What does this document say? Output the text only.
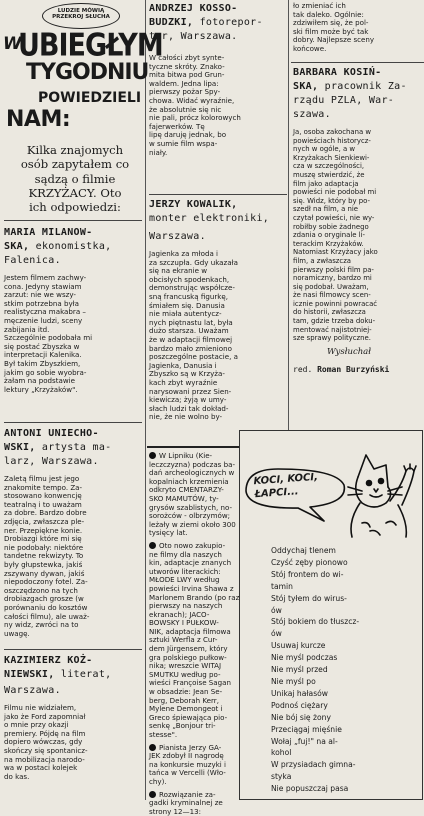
LUDZIE MÓWIĄ
PRZEKROJ SŁUCHA
W
UBIEGŁYM
TYGODNIU
POWIEDZIELI
NAM:

Kilka znajomych
osób zapytałem co
sądzą o filmie
KRZYŻACY. Oto
ich odpowiedzi:

MARIA MILANOW-
SKA, ekonomistka,

Falenica.

Jestem filmem zachwy-
cona. Jedyny stawiam
zarzut: nie we wszy-
stkim potrzebna była
realistyczna makabra –
męczenie ludzi, sceny
zabijania itd.
Szczególnie podobała mi
się postać Zbyszka w
interpretacji Kalenika.
Był takim Zbyszkiem,
jakim go sobie wyobra-
żałam na podstawie
lektury „Krzyżaków".

ANTONI UNIECHO-
WSKI, artysta ma-
larz, Warszawa.

Zaletą filmu jest jego
znakomite tempo. Za-
stosowano konwencję
teatralną i to uważam
za dobre. Bardzo dobre
zdjęcia, zwłaszcza ple-
ner. Przepiękne konie.
Drobiazgi które mi się
nie podobały: niektóre
tandetne rekwizyty. To
były głupstewka, jakiś
zszywany dywan, jakiś
niepodoczony fotel. Za-
oszczędzono na tych
drobiazgach grosze (w
porównaniu do kosztów
całości filmu), ale uważ-
ny widz, zwróci na to
uwagę.

KAZIMIERZ KOŻ-
NIEWSKI, literat,

Warszawa.

Filmu nie widziałem,
jako że Ford zapomniał
o mnie przy okazji
premiery. Pójdę na film
dopiero wówczas, gdy
skończy się spontanicz-
na mobilizacja narodo-
wa w postaci kolejek
do kas.

ANDRZEJ KOSSO-
BUDZKI, fotorepor-
ter, Warszawa.

W całości zbyt synte-
tyczne skróty. Znako-
mita bitwa pod Grun-
waldem. Jedna lipa:
pierwszy pożar Spy-
chowa. Widać wyraźnie,
że absolutnie się nic
nie pali, prócz kolorowych
fajerwerków. Tę
lipę daruję jednak, bo
w sumie film wspa-
niały.

JERZY KOWALIK,
monter elektroniki,

Warszawa.

Jagienka za młoda i
za szczupła. Gdy ukazała
się na ekranie w
obcisłych spodenkach,
demonstrując współcze-
sną francuską figurkę,
śmiałem się. Danusia
nie miała autentycz-
nych piętnastu lat, była
dużo starsza. Uważam
że w adaptacji filmowej
bardzo mało zmieniono
poszczególne postacie, a
Jagienka, Danusia i
Zbyszko są w Krzyża-
kach zbyt wyraźnie
narysowani przez Sien-
kiewicza; żyją w umy-
słach ludzi tak dokład-
nie, że nie wolno by-

W Lipniku (Kie-
leczczyzna) podczas ba-
dań archeologicznych w
kopalniach krzemienia
odkryto CMENTARZY-
SKO MAMUTÓW, ty-
grysów szablistych, no-
sorożców - olbrzymów;
leżały w ziemi około 300
tysięcy lat.

Oto nowo zakupio-
ne filmy dla naszych
kin, adaptacje znanych
utworów literackich:
MŁODE LWY według
powieści Irvina Shawa z
Marlonem Brando (po raz
pierwszy na naszych
ekranach); JACO-
BOWSKY I PUŁKOW-
NIK, adaptacja filmowa
sztuki Werfla z Cur-
dem Jürgensem, który
gra polskiego pułkow-
nika; wreszcie WITAJ
SMUTKU według po-
wieści Françoise Sagan
w obsadzie: Jean Se-
berg, Deborah Kerr,
Mylene Demongeot i
Greco śpiewająca pio-
senkę „Bonjour tri-
stesse".

Pianista Jerzy GA-
JEK zdobył II nagrodę
na konkursie muzyki i
tańca w Vercelli (Wło-
chy).

Rozwiązanie za-
gadki kryminalnej ze
strony 12—13:

ło zmieniać ich
tak daleko. Ogólnie:
zdziwiłem się, że pol-
ski film może być tak
dobry. Najlepsze sceny
końcowe.

BARBARA KOSIŃ-
SKA, pracownik Za-
rządu PZLA, War-
szawa.

Ja, osoba zakochana w
powieściach historycz-
nych w ogóle, a w
Krzyżakach Sienkiewi-
cza w szczególności,
muszę stwierdzić, że
film jako adaptacja
powieści nie podobał mi
się. Widz, który by po-
szedł na film, a nie
czytał powieści, nie wy-
robiłby sobie żadnego
zdania o oryginale li-
terackim Krzyżaków.
Natomiast Krzyżacy jako
film, a zwłaszcza
pierwszy polski film pa-
noramiczny, bardzo mi
się podobał. Uważam,
że nasi filmowcy scen-
icznie powinni powracać
do historii, zwłaszcza
tam, gdzie trzeba doku-
mentować najistotniej-
sze sprawy polityczne.

Wysłuchał

red. Roman Burzyński

KOCI, KOCI,
ŁAPCI...

Oddychaj tlenem
Czyść zęby pionowo
Stój frontem do wi-
tamin
Stój tyłem do wirus-
ów
Stój bokiem do tłuszcz-
ów
Usuwaj kurcze
Nie myśl podczas
Nie myśl przed
Nie myśl po
Unikaj hałasów
Podnoś ciężary
Nie bój się żony
Przeciągaj mięśnie
Wołaj „fuj!" na al-
kohol
W przysiadach gimna-
styka
Nie popuszczaj pasa
